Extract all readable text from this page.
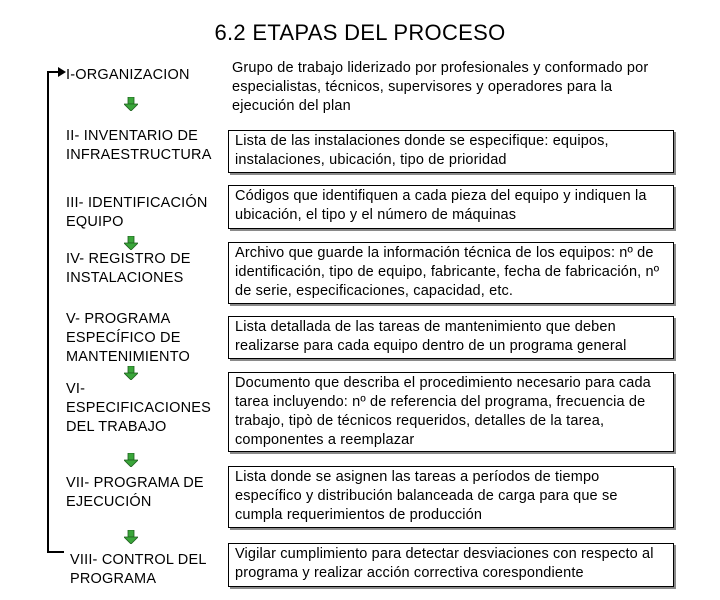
6.2 ETAPAS DEL PROCESO
I-ORGANIZACION	Grupo de trabajo liderizado por profesionales y conformado por especialistas, técnicos, supervisores y operadores para la ejecución del plan
II- INVENTARIO DE INFRAESTRUCTURA
Lista de las instalaciones donde se especifique: equipos, instalaciones, ubicación, tipo de prioridad
III- IDENTIFICACIÓN EQUIPO
Códigos que identifiquen a cada pieza del equipo y indiquen la ubicación, el tipo y el número de máquinas
IV- REGISTRO DE INSTALACIONES
Archivo que guarde la información técnica de los equipos: nº de identificación, tipo de equipo, fabricante, fecha de fabricación, nº de serie, especificaciones, capacidad, etc.
V- PROGRAMA ESPECÍFICO DE MANTENIMIENTO
Lista detallada de las tareas de mantenimiento que deben realizarse para cada equipo dentro de un programa general
VI- ESPECIFICACIONES DEL TRABAJO
Documento que describa el procedimiento necesario para cada tarea incluyendo: nº de referencia del programa, frecuencia de trabajo, tipò de técnicos requeridos, detalles de la tarea, componentes a reemplazar
VII- PROGRAMA DE EJECUCIÓN
Lista donde se asignen las tareas a períodos de tiempo específico y distribución balanceada de carga para que se cumpla requerimientos de producción
VIII- CONTROL DEL PROGRAMA
Vigilar cumplimiento para detectar desviaciones con respecto al programa y realizar acción correctiva corespondiente
